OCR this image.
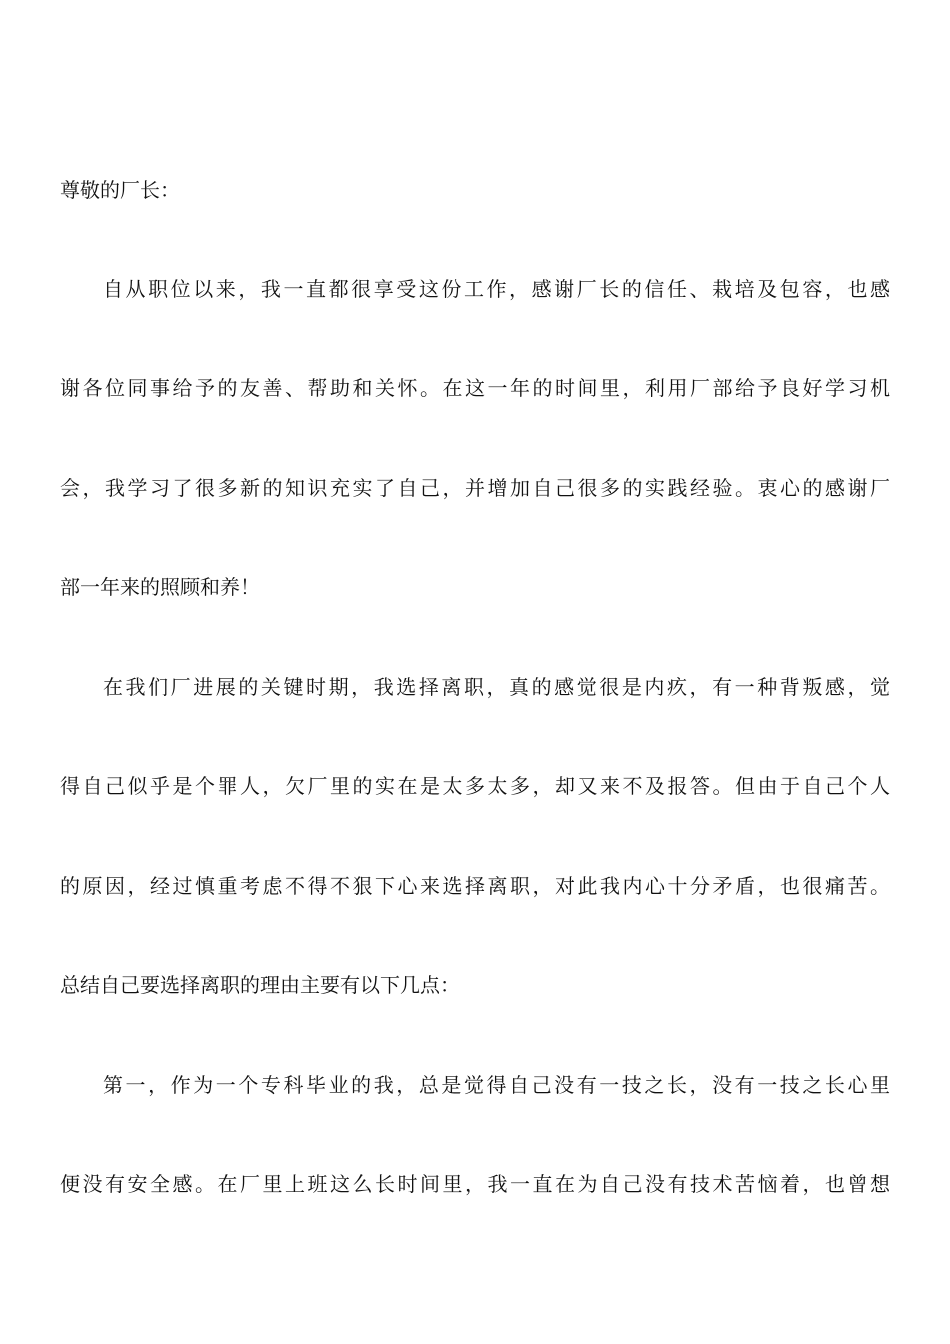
尊敬的厂长：
自从职位以来，我一直都很享受这份工作，感谢厂长的信任、栽培及包容，也感
谢各位同事给予的友善、帮助和关怀。在这一年的时间里，利用厂部给予良好学习机
会，我学习了很多新的知识充实了自己，并增加自己很多的实践经验。衷心的感谢厂
部一年来的照顾和养！
在我们厂进展的关键时期，我选择离职，真的感觉很是内疚，有一种背叛感，觉
得自己似乎是个罪人，欠厂里的实在是太多太多，却又来不及报答。但由于自己个人
的原因，经过慎重考虑不得不狠下心来选择离职，对此我内心十分矛盾，也很痛苦。
总结自己要选择离职的理由主要有以下几点：
第一，作为一个专科毕业的我，总是觉得自己没有一技之长，没有一技之长心里
便没有安全感。在厂里上班这么长时间里，我一直在为自己没有技术苦恼着，也曾想
